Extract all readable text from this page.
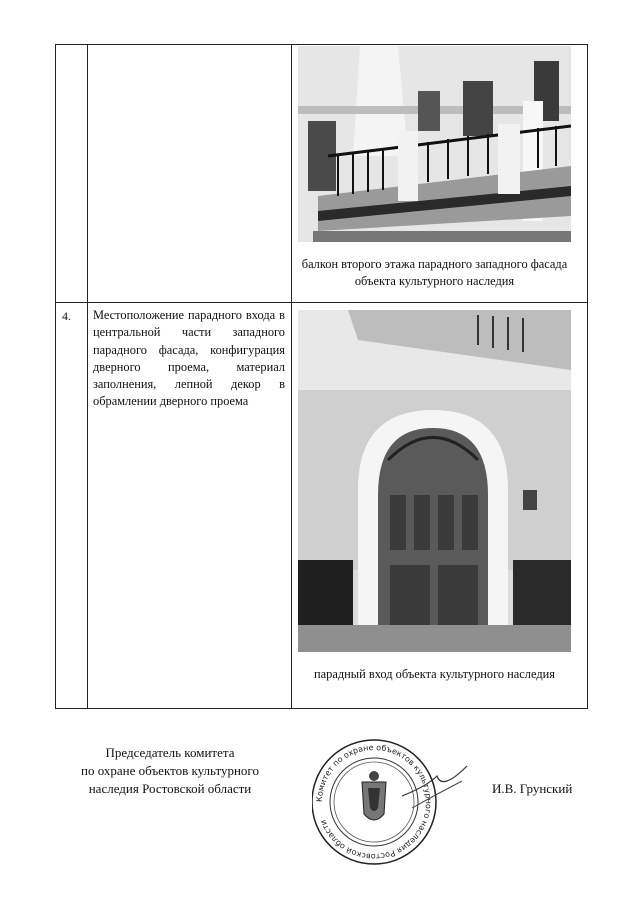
балкон второго этажа парадного западного фасада объекта культурного наследия
4. Местоположение парадного входа в центральной части западного парадного фасада, конфигурация дверного проема, материал заполнения, лепной декор в обрамлении дверного проема
парадный вход объекта культурного наследия
Председатель комитета
по охране объектов культурного
наследия Ростовской области
Комитет по охране объектов культурного наследия Ростовской области
И.В. Грунский
